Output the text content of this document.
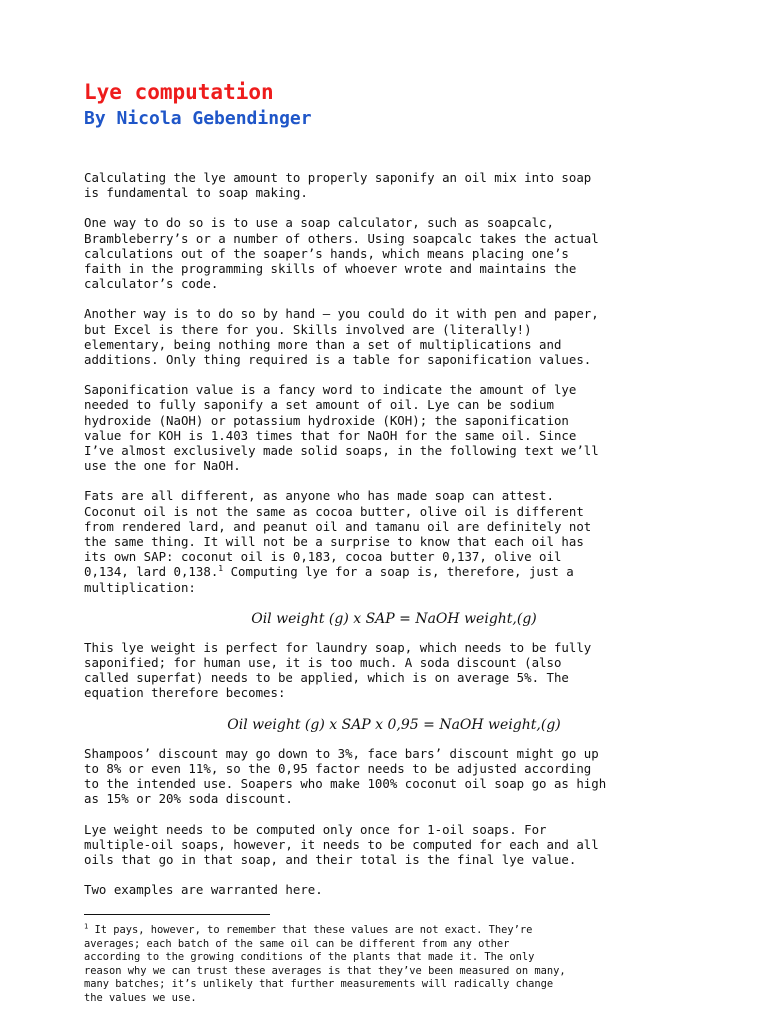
Lye computation
By Nicola Gebendinger

Calculating the lye amount to properly saponify an oil mix into soap
is fundamental to soap making.

One way to do so is to use a soap calculator, such as soapcalc,
Brambleberry’s or a number of others. Using soapcalc takes the actual
calculations out of the soaper’s hands, which means placing one’s
faith in the programming skills of whoever wrote and maintains the
calculator’s code.

Another way is to do so by hand – you could do it with pen and paper,
but Excel is there for you. Skills involved are (literally!)
elementary, being nothing more than a set of multiplications and
additions. Only thing required is a table for saponification values.

Saponification value is a fancy word to indicate the amount of lye
needed to fully saponify a set amount of oil. Lye can be sodium
hydroxide (NaOH) or potassium hydroxide (KOH); the saponification
value for KOH is 1.403 times that for NaOH for the same oil. Since
I’ve almost exclusively made solid soaps, in the following text we’ll
use the one for NaOH.

Fats are all different, as anyone who has made soap can attest.
Coconut oil is not the same as cocoa butter, olive oil is different
from rendered lard, and peanut oil and tamanu oil are definitely not
the same thing. It will not be a surprise to know that each oil has
its own SAP: coconut oil is 0,183, cocoa butter 0,137, olive oil
0,134, lard 0,138.$^1$ Computing lye for a soap is, therefore, just a
multiplication:

Oil weight (g) x SAP = NaOH weight,(g)

This lye weight is perfect for laundry soap, which needs to be fully
saponified; for human use, it is too much. A soda discount (also
called superfat) needs to be applied, which is on average 5%. The
equation therefore becomes:

Oil weight (g) x SAP x 0,95 = NaOH weight,(g)

Shampoos’ discount may go down to 3%, face bars’ discount might go up
to 8% or even 11%, so the 0,95 factor needs to be adjusted according
to the intended use. Soapers who make 100% coconut oil soap go as high
as 15% or 20% soda discount.

Lye weight needs to be computed only once for 1-oil soaps. For
multiple-oil soaps, however, it needs to be computed for each and all
oils that go in that soap, and their total is the final lye value.

Two examples are warranted here.

$^1$ It pays, however, to remember that these values are not exact. They’re
averages; each batch of the same oil can be different from any other
according to the growing conditions of the plants that made it. The only
reason why we can trust these averages is that they’ve been measured on many,
many batches; it’s unlikely that further measurements will radically change
the values we use.
